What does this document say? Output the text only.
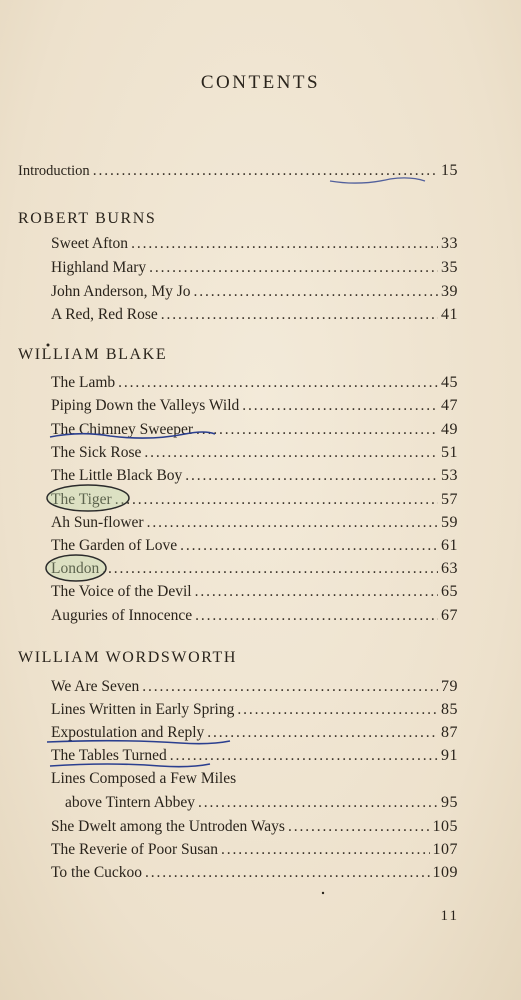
CONTENTS
Introduction . . .	15
ROBERT BURNS
Sweet Afton . . .	33
Highland Mary . . .	35
John Anderson, My Jo . . .	39
A Red, Red Rose . . .	41
WILLIAM BLAKE
The Lamb . . .	45
Piping Down the Valleys Wild . . .	47
The Chimney Sweeper . . .	49
The Sick Rose . . .	51
The Little Black Boy . . .	53
The Tiger . . .	57
Ah Sun-flower . . .	59
The Garden of Love . . .	61
London . . .	63
The Voice of the Devil . . .	65
Auguries of Innocence . . .	67
WILLIAM WORDSWORTH
We Are Seven . . .	79
Lines Written in Early Spring . . .	85
Expostulation and Reply . . .	87
The Tables Turned . . .	91
Lines Composed a Few Miles
above Tintern Abbey . . .	95
She Dwelt among the Untroden Ways . . .	105
The Reverie of Poor Susan . . .	107
To the Cuckoo . . .	109
11
